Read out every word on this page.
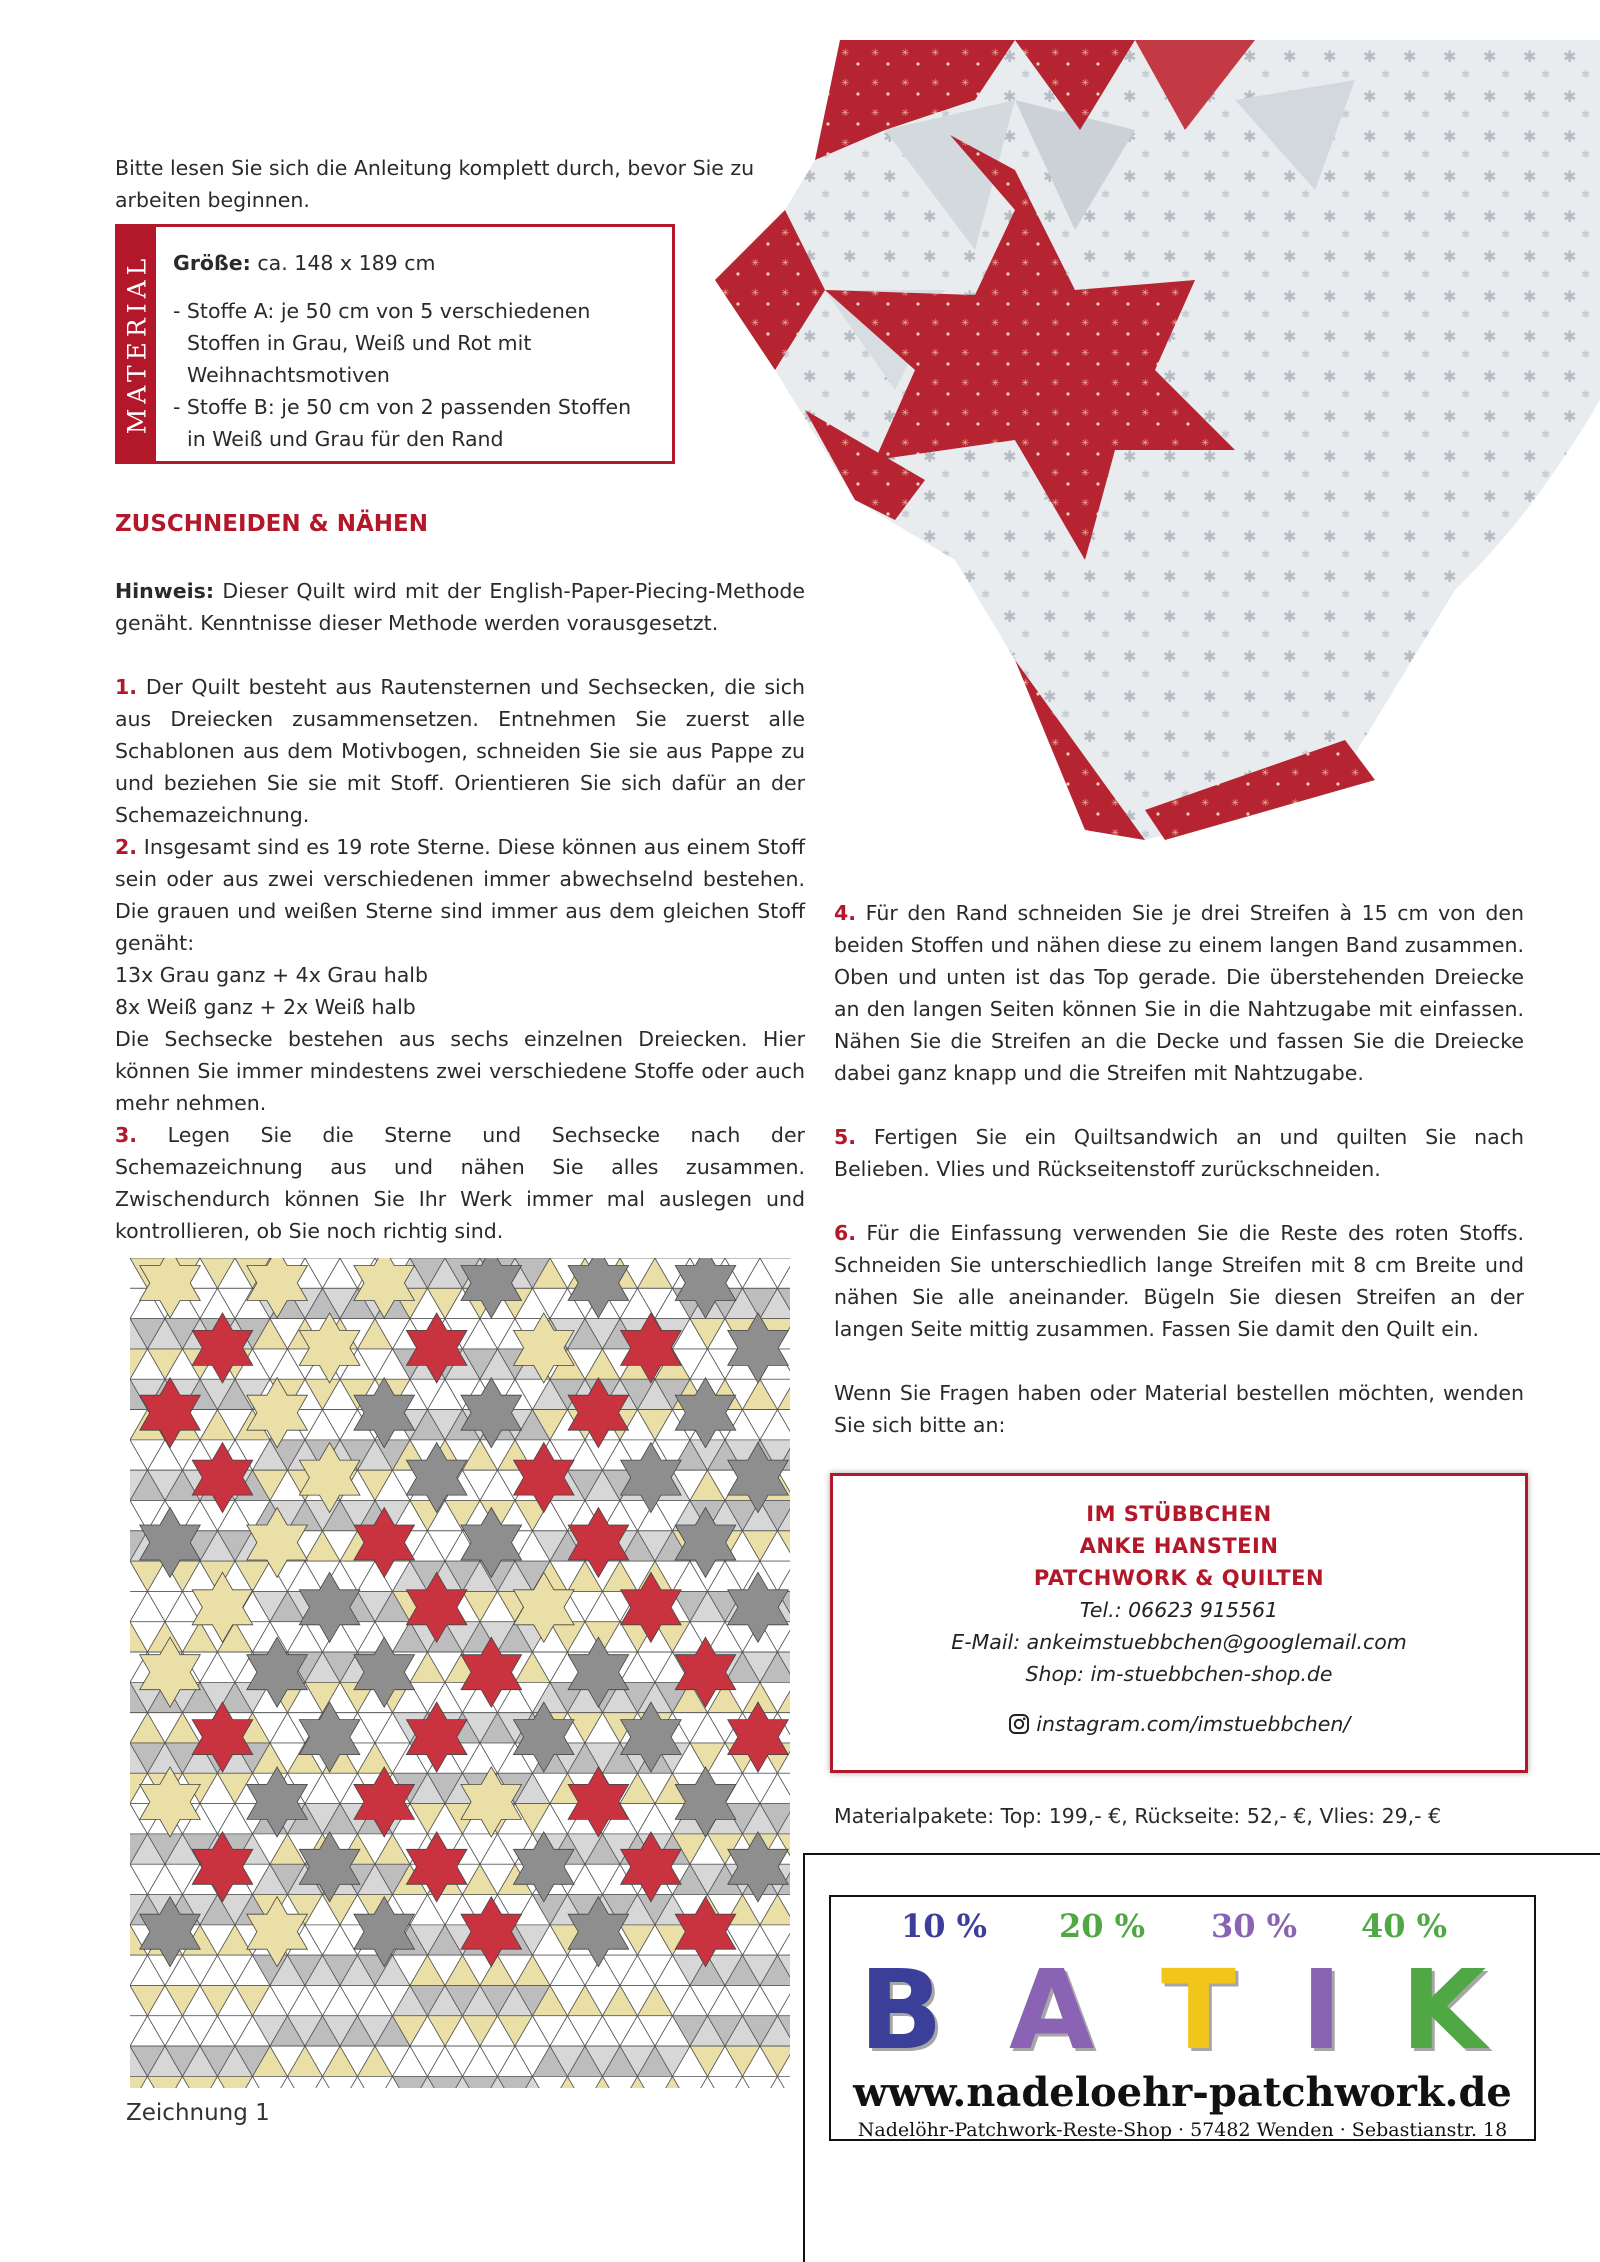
Bitte lesen Sie sich die Anleitung komplett durch, bevor Sie zu arbeiten beginnen.

MATERIAL Größe: ca. 148 x 189 cm
- Stoffe A: je 50 cm von 5 verschiedenen Stoffen in Grau, Weiß und Rot mit Weihnachtsmotiven
- Stoffe B: je 50 cm von 2 passenden Stoffen in Weiß und Grau für den Rand
ZUSCHNEIDEN & NÄHEN

Hinweis: Dieser Quilt wird mit der English-Paper-Piecing-Methode genäht. Kenntnisse dieser Methode werden vorausgesetzt.

1. Der Quilt besteht aus Rautensternen und Sechsecken, die sich aus Dreiecken zusammensetzen. Entnehmen Sie zuerst alle Schablonen aus dem Motivbogen, schneiden Sie sie aus Pappe zu und beziehen Sie sie mit Stoff. Orientieren Sie sich dafür an der Schemazeichnung.

2. Insgesamt sind es 19 rote Sterne. Diese können aus einem Stoff sein oder aus zwei verschiedenen immer abwechselnd bestehen. Die grauen und weißen Sterne sind immer aus dem gleichen Stoff genäht:
13x Grau ganz + 4x Grau halb
8x Weiß ganz + 2x Weiß halb
Die Sechsecke bestehen aus sechs einzelnen Dreiecken. Hier können Sie immer mindestens zwei verschiedene Stoffe oder auch mehr nehmen.

3. Legen Sie die Sterne und Sechsecke nach der Schemazeichnung aus und nähen Sie alles zusammen. Zwischendurch können Sie Ihr Werk immer mal auslegen und kontrollieren, ob Sie noch richtig sind.

4. Für den Rand schneiden Sie je drei Streifen à 15 cm von den beiden Stoffen und nähen diese zu einem langen Band zusammen. Oben und unten ist das Top gerade. Die überstehenden Dreiecke an den langen Seiten können Sie in die Nahtzugabe mit einfassen. Nähen Sie die Streifen an die Decke und fassen Sie die Dreiecke dabei ganz knapp und die Streifen mit Nahtzugabe.

5. Fertigen Sie ein Quiltsandwich an und quilten Sie nach Belieben. Vlies und Rückseitenstoff zurückschneiden.

6. Für die Einfassung verwenden Sie die Reste des roten Stoffs. Schneiden Sie unterschiedlich lange Streifen mit 8 cm Breite und nähen Sie alle aneinander. Bügeln Sie diesen Streifen an der langen Seite mittig zusammen. Fassen Sie damit den Quilt ein.

Wenn Sie Fragen haben oder Material bestellen möchten, wenden Sie sich bitte an:

IM STÜBBCHEN
ANKE HANSTEIN
PATCHWORK & QUILTEN
Tel.: 06623 915561
E-Mail: ankeimstuebbchen@googlemail.com
Shop: im-stuebbchen-shop.de
instagram.com/imstuebbchen/

Materialpakete: Top: 199,- €, Rückseite: 52,- €, Vlies: 29,- €

Zeichnung 1
10 % 20 % 30 % 40 %
B A T I K
www.nadeloehr-patchwork.de
Nadelöhr-Patchwork-Reste-Shop · 57482 Wenden · Sebastianstr. 18
